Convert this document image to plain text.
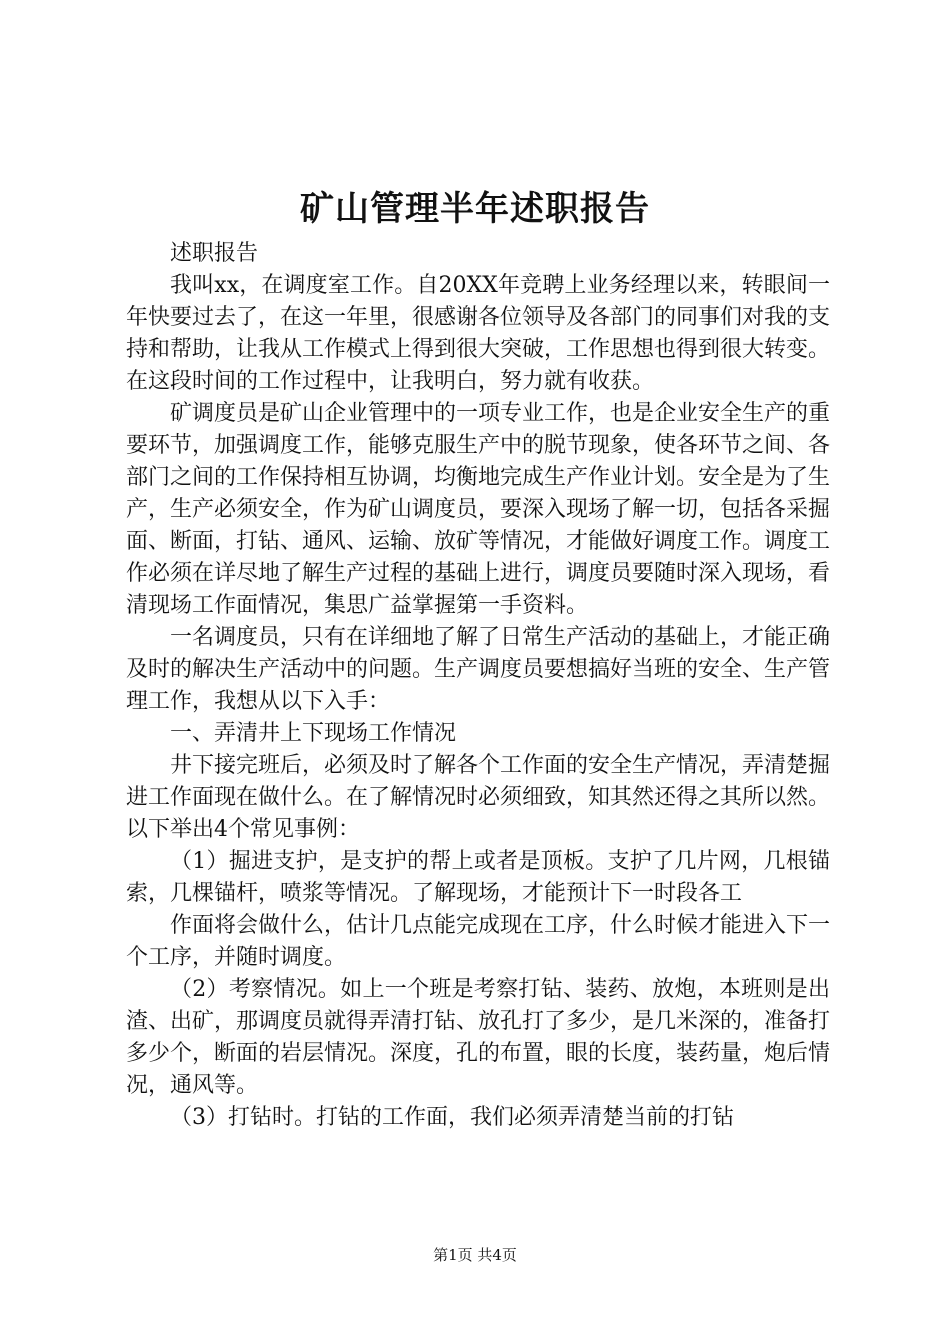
矿山管理半年述职报告

述职报告

我叫xx，在调度室工作。自20XX年竞聘上业务经理以来，转眼间一年快要过去了，在这一年里，很感谢各位领导及各部门的同事们对我的支持和帮助，让我从工作模式上得到很大突破，工作思想也得到很大转变。在这段时间的工作过程中，让我明白，努力就有收获。

矿调度员是矿山企业管理中的一项专业工作，也是企业安全生产的重要环节，加强调度工作，能够克服生产中的脱节现象，使各环节之间、各部门之间的工作保持相互协调，均衡地完成生产作业计划。安全是为了生产，生产必须安全，作为矿山调度员，要深入现场了解一切，包括各采掘面、断面，打钻、通风、运输、放矿等情况，才能做好调度工作。调度工作必须在详尽地了解生产过程的基础上进行，调度员要随时深入现场，看清现场工作面情况，集思广益掌握第一手资料。

一名调度员，只有在详细地了解了日常生产活动的基础上，才能正确及时的解决生产活动中的问题。生产调度员要想搞好当班的安全、生产管理工作，我想从以下入手：

一、弄清井上下现场工作情况

井下接完班后，必须及时了解各个工作面的安全生产情况，弄清楚掘进工作面现在做什么。在了解情况时必须细致，知其然还得之其所以然。以下举出4个常见事例：

（1）掘进支护，是支护的帮上或者是顶板。支护了几片网，几根锚索，几棵锚杆，喷浆等情况。了解现场，才能预计下一时段各工

作面将会做什么，估计几点能完成现在工序，什么时候才能进入下一个工序，并随时调度。

（2）考察情况。如上一个班是考察打钻、装药、放炮，本班则是出渣、出矿，那调度员就得弄清打钻、放孔打了多少，是几米深的，准备打多少个，断面的岩层情况。深度，孔的布置，眼的长度，装药量，炮后情况，通风等。

（3）打钻时。打钻的工作面，我们必须弄清楚当前的打钻

第1页 共4页
